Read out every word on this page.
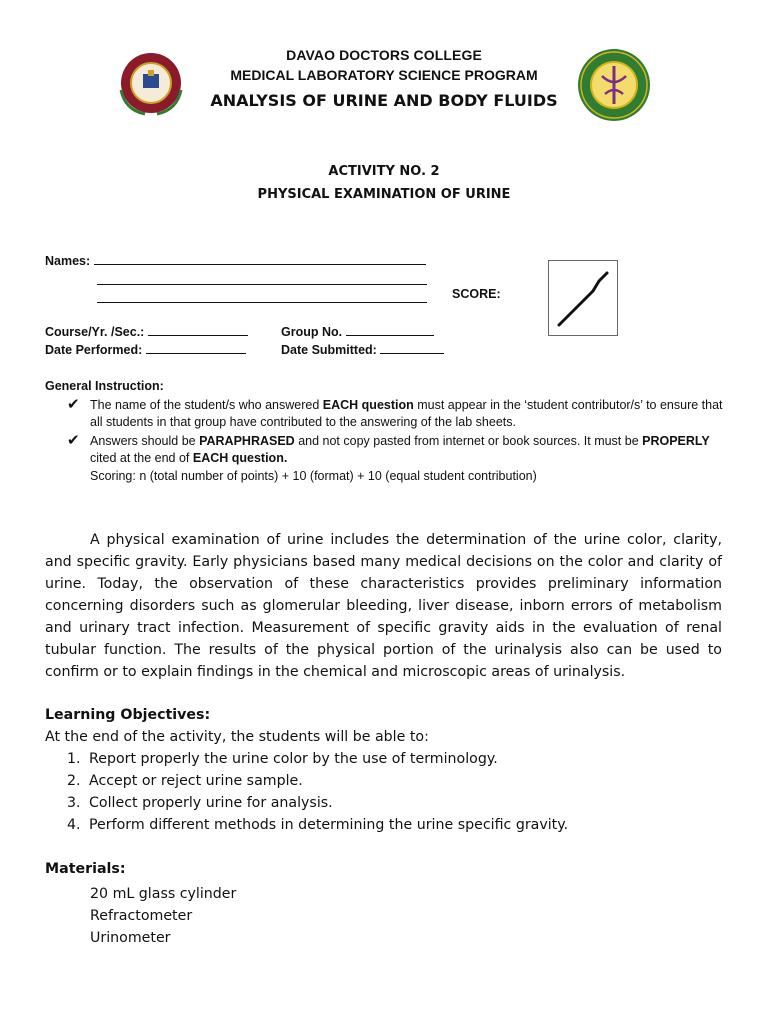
DAVAO DOCTORS COLLEGE
MEDICAL LABORATORY SCIENCE PROGRAM
ANALYSIS OF URINE AND BODY FLUIDS
ACTIVITY NO. 2
PHYSICAL EXAMINATION OF URINE
Names:
SCORE:
Course/Yr. /Sec.:	Group No.
Date Performed:	Date Submitted:
General Instruction:
✔ The name of the student/s who answered EACH question must appear in the ‘student contributor/s’ to ensure that all students in that group have contributed to the answering of the lab sheets.
✔ Answers should be PARAPHRASED and not copy pasted from internet or book sources. It must be PROPERLY cited at the end of EACH question.
Scoring: n (total number of points) + 10 (format) + 10 (equal student contribution)
A physical examination of urine includes the determination of the urine color, clarity, and specific gravity. Early physicians based many medical decisions on the color and clarity of urine. Today, the observation of these characteristics provides preliminary information concerning disorders such as glomerular bleeding, liver disease, inborn errors of metabolism and urinary tract infection. Measurement of specific gravity aids in the evaluation of renal tubular function. The results of the physical portion of the urinalysis also can be used to confirm or to explain findings in the chemical and microscopic areas of urinalysis.
Learning Objectives:
At the end of the activity, the students will be able to:
1. Report properly the urine color by the use of terminology.
2. Accept or reject urine sample.
3. Collect properly urine for analysis.
4. Perform different methods in determining the urine specific gravity.
Materials:
20 mL glass cylinder
Refractometer
Urinometer
